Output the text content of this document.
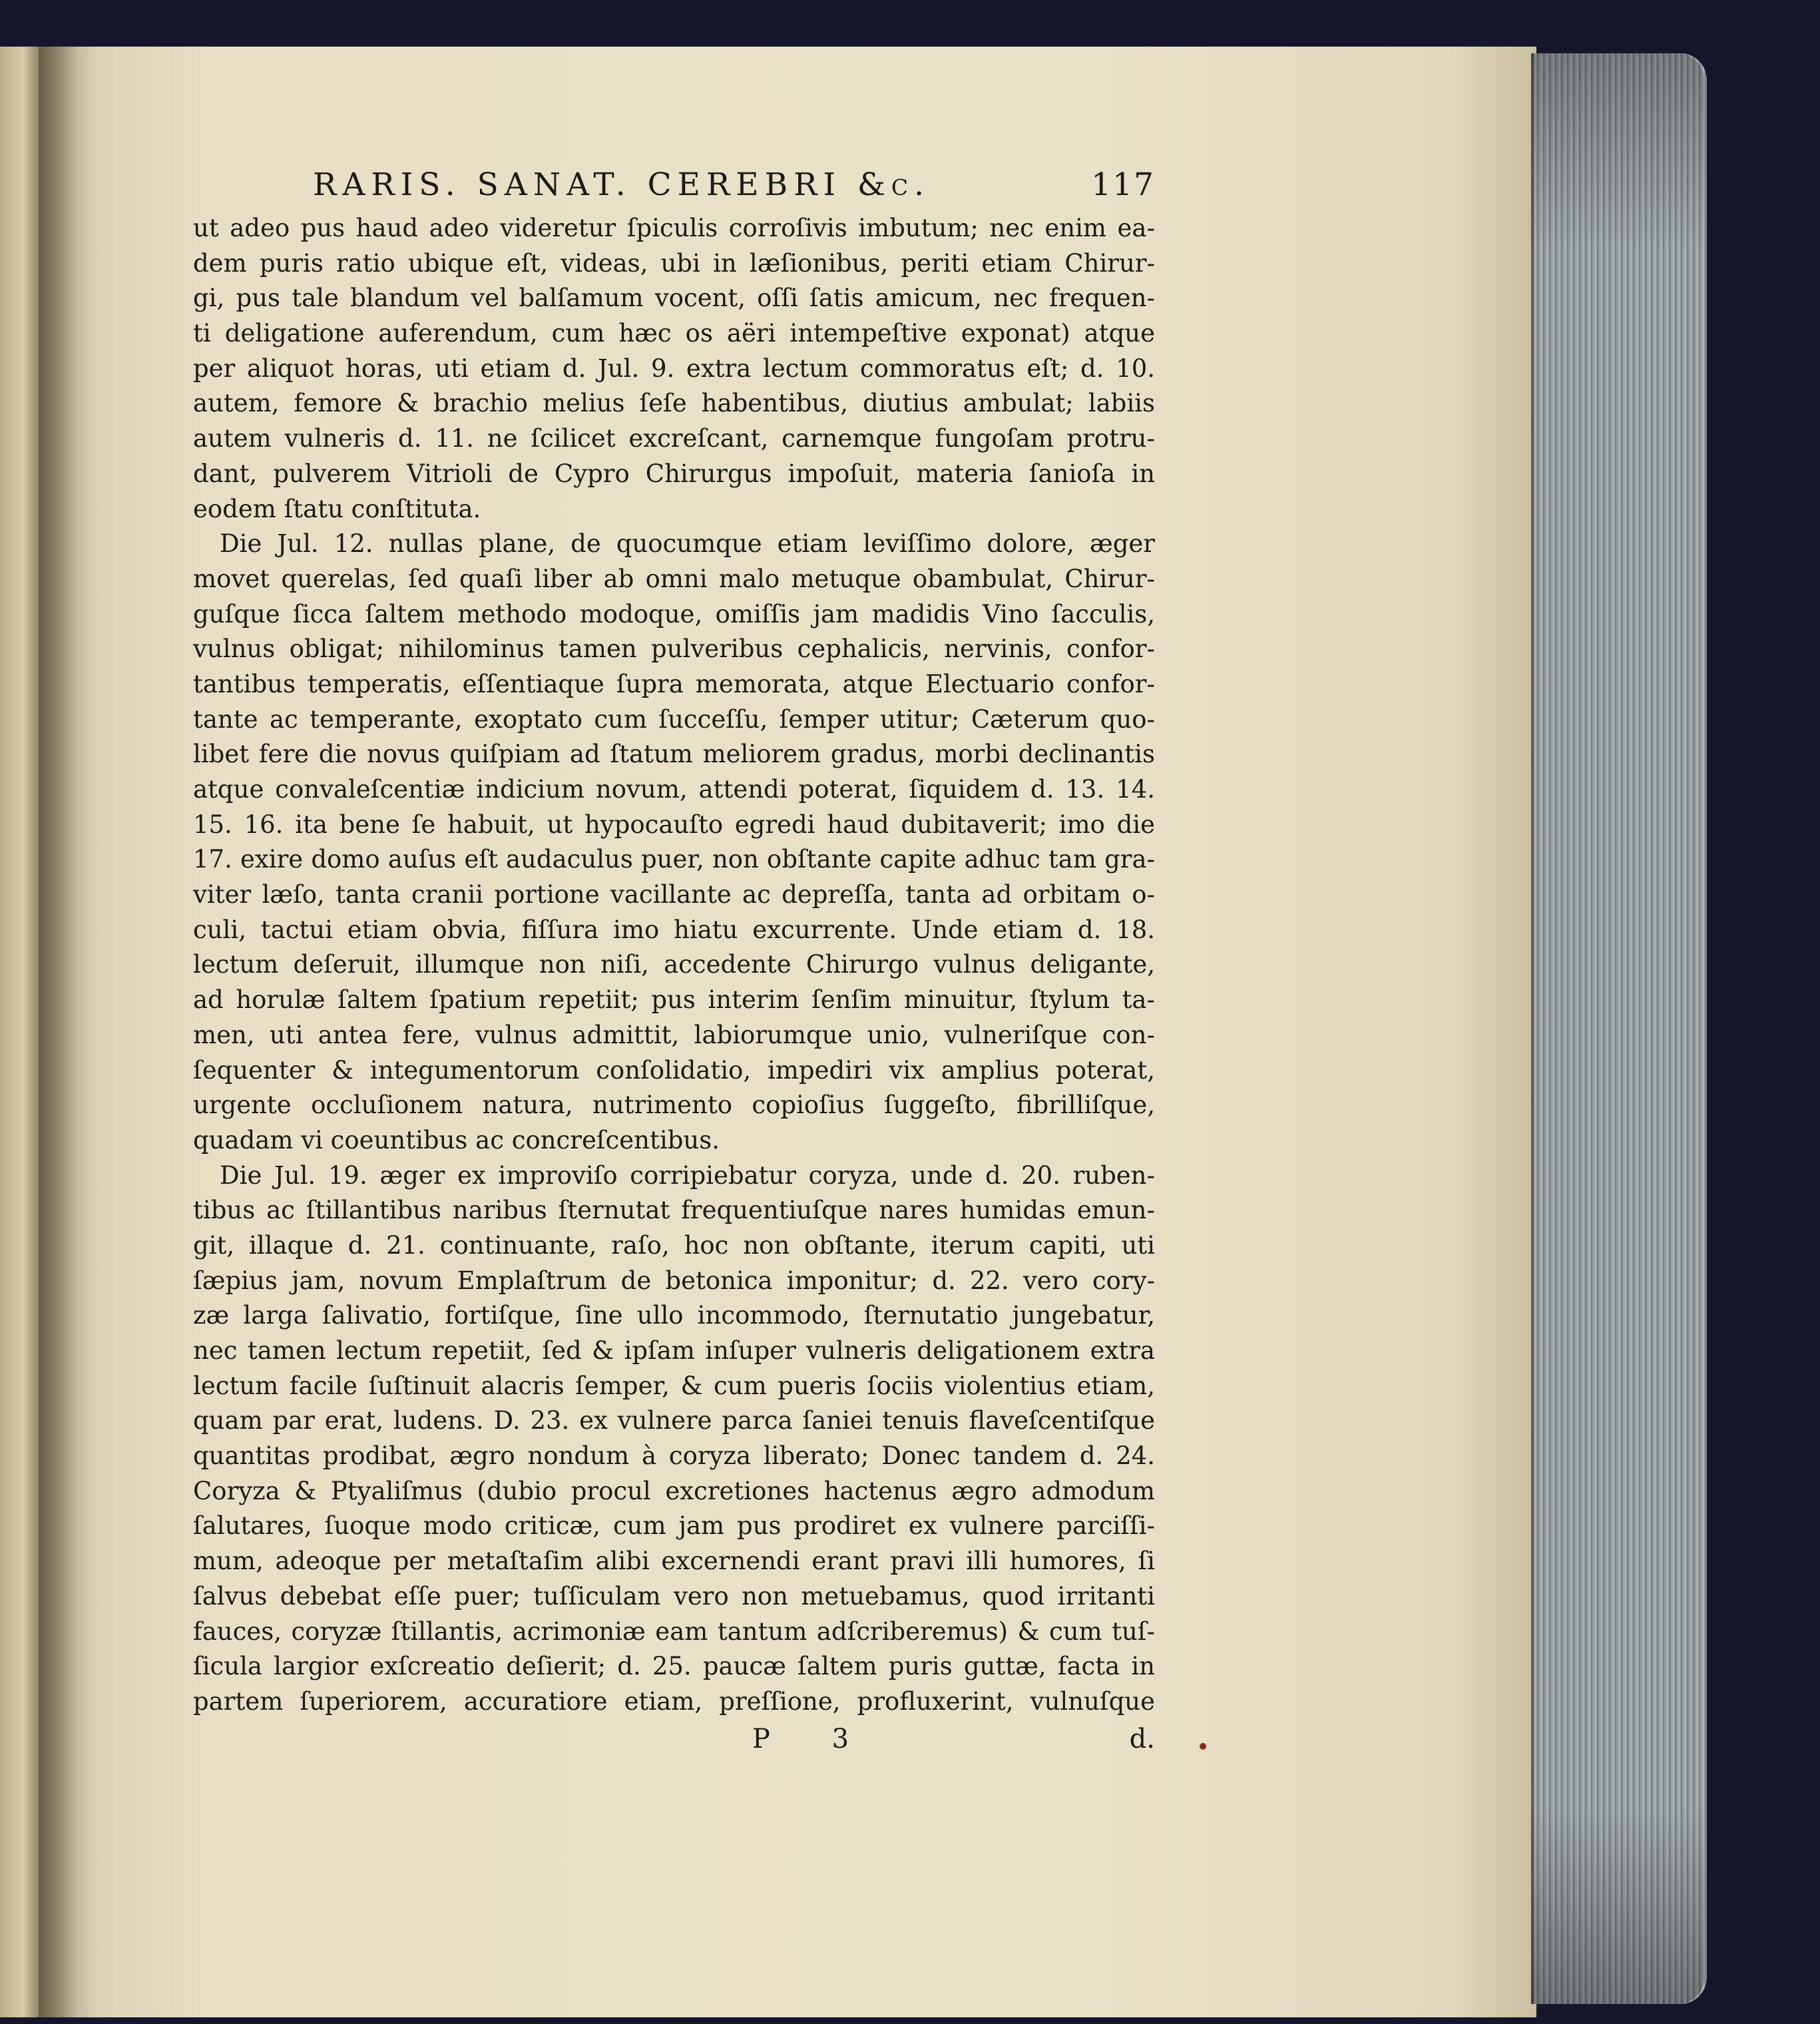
RARIS. SANAT. CEREBRI &c.	117
ut adeo pus haud adeo videretur ſpiculis corroſivis imbutum; nec enim ea-
dem puris ratio ubique eſt, videas, ubi in læſionibus, periti etiam Chirur-
gi, pus tale blandum vel balſamum vocent, oſſi ſatis amicum, nec frequen-
ti deligatione auferendum, cum hæc os aëri intempeſtive exponat) atque
per aliquot horas, uti etiam d. Jul. 9. extra lectum commoratus eſt; d. 10.
autem, femore & brachio melius ſeſe habentibus, diutius ambulat; labiis
autem vulneris d. 11. ne ſcilicet excreſcant, carnemque fungoſam protru-
dant, pulverem Vitrioli de Cypro Chirurgus impoſuit, materia ſanioſa in
eodem ſtatu conſtituta.
Die Jul. 12. nullas plane, de quocumque etiam leviſſimo dolore, æger
movet querelas, ſed quaſi liber ab omni malo metuque obambulat, Chirur-
guſque ſicca ſaltem methodo modoque, omiſſis jam madidis Vino ſacculis,
vulnus obligat; nihilominus tamen pulveribus cephalicis, nervinis, confor-
tantibus temperatis, eſſentiaque ſupra memorata, atque Electuario confor-
tante ac temperante, exoptato cum ſucceſſu, ſemper utitur; Cæterum quo-
libet fere die novus quiſpiam ad ſtatum meliorem gradus, morbi declinantis
atque convaleſcentiæ indicium novum, attendi poterat, ſiquidem d. 13. 14.
15. 16. ita bene ſe habuit, ut hypocauſto egredi haud dubitaverit; imo die
17. exire domo auſus eſt audaculus puer, non obſtante capite adhuc tam gra-
viter læſo, tanta cranii portione vacillante ac depreſſa, tanta ad orbitam o-
culi, tactui etiam obvia, fiſſura imo hiatu excurrente. Unde etiam d. 18.
lectum deſeruit, illumque non niſi, accedente Chirurgo vulnus deligante,
ad horulæ ſaltem ſpatium repetiit; pus interim ſenſim minuitur, ſtylum ta-
men, uti antea fere, vulnus admittit, labiorumque unio, vulneriſque con-
ſequenter & integumentorum conſolidatio, impediri vix amplius poterat,
urgente occluſionem natura, nutrimento copioſius ſuggeſto, fibrilliſque,
quadam vi coeuntibus ac concreſcentibus.
Die Jul. 19. æger ex improviſo corripiebatur coryza, unde d. 20. ruben-
tibus ac ſtillantibus naribus ſternutat frequentiuſque nares humidas emun-
git, illaque d. 21. continuante, raſo, hoc non obſtante, iterum capiti, uti
ſæpius jam, novum Emplaſtrum de betonica imponitur; d. 22. vero cory-
zæ larga ſalivatio, fortiſque, ſine ullo incommodo, ſternutatio jungebatur,
nec tamen lectum repetiit, ſed & ipſam inſuper vulneris deligationem extra
lectum facile ſuſtinuit alacris ſemper, & cum pueris ſociis violentius etiam,
quam par erat, ludens. D. 23. ex vulnere parca ſaniei tenuis flaveſcentiſque
quantitas prodibat, ægro nondum à coryza liberato; Donec tandem d. 24.
Coryza & Ptyaliſmus (dubio procul excretiones hactenus ægro admodum
ſalutares, ſuoque modo criticæ, cum jam pus prodiret ex vulnere parciſſi-
mum, adeoque per metaſtaſim alibi excernendi erant pravi illi humores, ſi
ſalvus debebat eſſe puer; tuſſiculam vero non metuebamus, quod irritanti
fauces, coryzæ ſtillantis, acrimoniæ eam tantum adſcriberemus) & cum tuſ-
ſicula largior exſcreatio deſierit; d. 25. paucæ ſaltem puris guttæ, facta in
partem ſuperiorem, accuratiore etiam, preſſione, profluxerint, vulnuſque
P 3	d.
